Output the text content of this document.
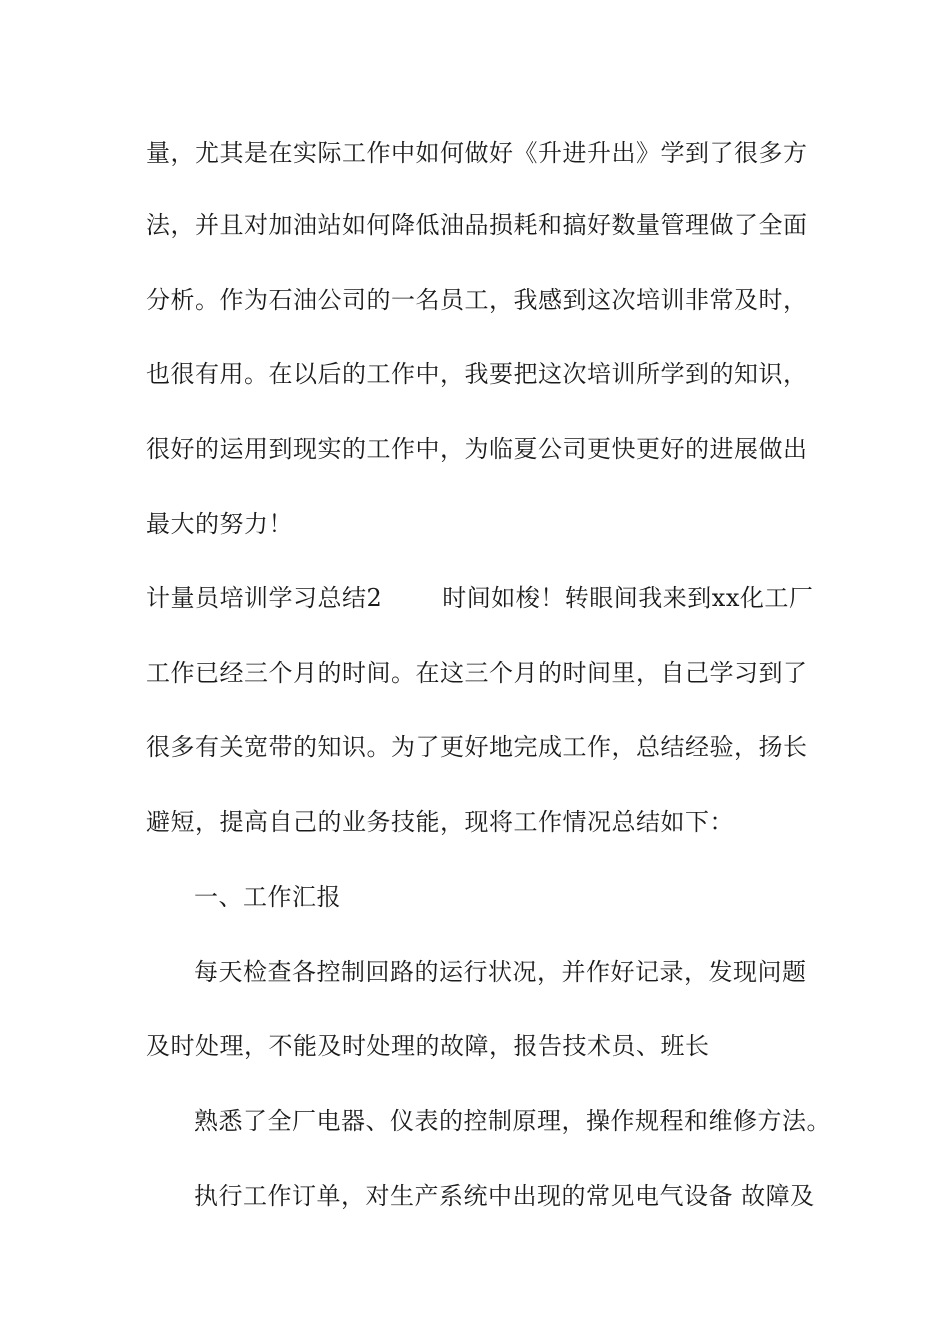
量，尤其是在实际工作中如何做好《升进升出》学到了很多方
法，并且对加油站如何降低油品损耗和搞好数量管理做了全面
分析。作为石油公司的一名员工，我感到这次培训非常及时，
也很有用。在以后的工作中，我要把这次培训所学到的知识，
很好的运用到现实的工作中，为临夏公司更快更好的进展做出
最大的努力！
计量员培训学习总结2	时间如梭！转眼间我来到xx化工厂
工作已经三个月的时间。在这三个月的时间里，自己学习到了
很多有关宽带的知识。为了更好地完成工作，总结经验，扬长
避短，提高自己的业务技能，现将工作情况总结如下：
一、工作汇报
每天检查各控制回路的运行状况，并作好记录，发现问题
及时处理，不能及时处理的故障，报告技术员、班长
熟悉了全厂电器、仪表的控制原理，操作规程和维修方法。
执行工作订单，对生产系统中出现的常见电气设备 故障及
